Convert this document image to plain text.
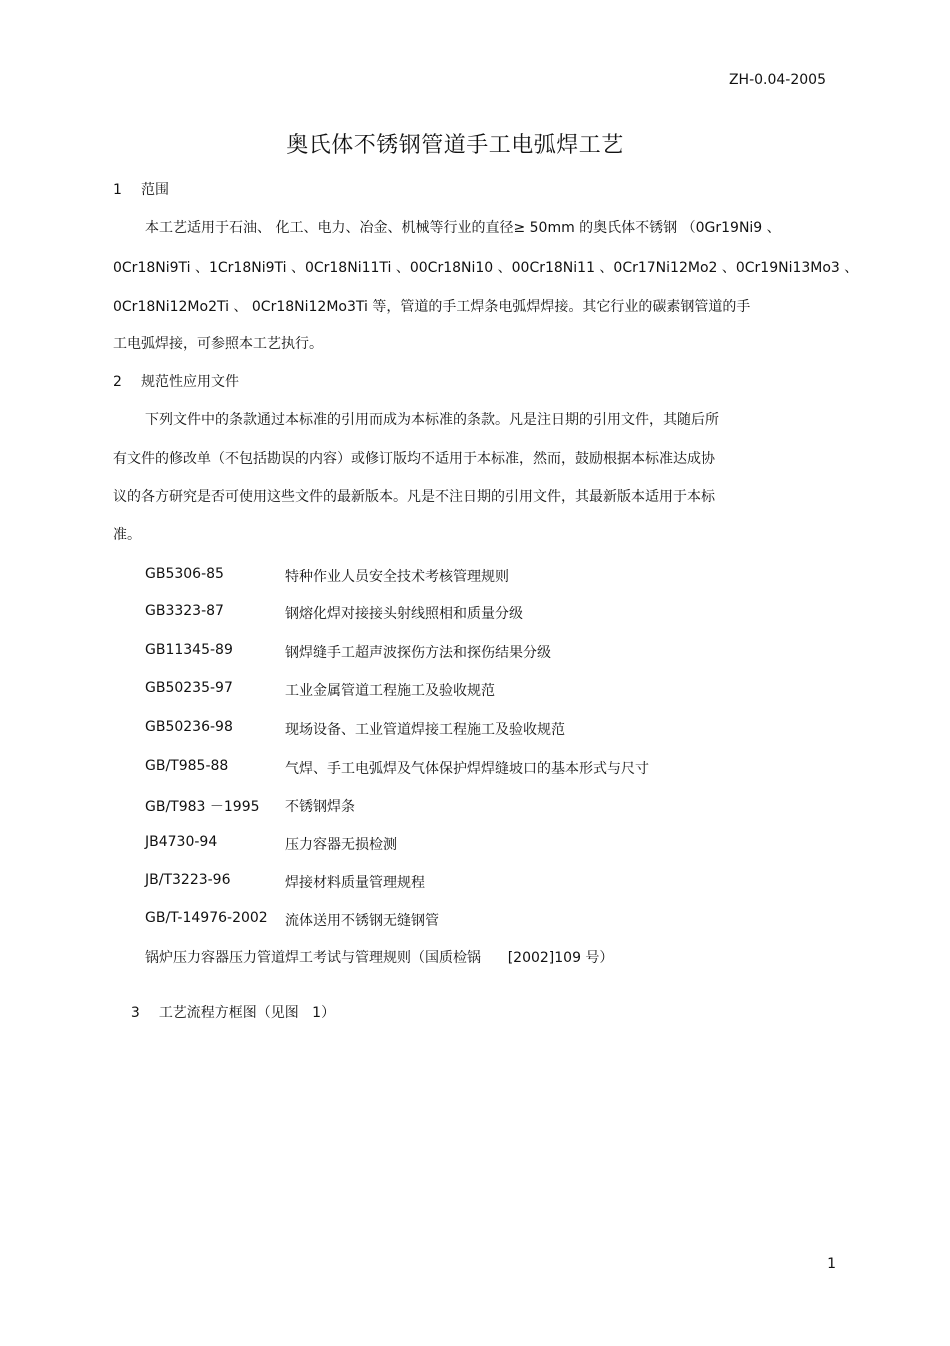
ZH-0.04-2005
奥氏体不锈钢管道手工电弧焊工艺
1 范围
本工艺适用于石油、 化工、电力、冶金、机械等行业的直径≥ 50mm 的奥氏体不锈钢 （0Gr19Ni9 、
0Cr18Ni9Ti 、1Cr18Ni9Ti 、0Cr18Ni11Ti 、00Cr18Ni10 、00Cr18Ni11 、0Cr17Ni12Mo2 、0Cr19Ni13Mo3 、
0Cr18Ni12Mo2Ti 、 0Cr18Ni12Mo3Ti 等，管道的手工焊条电弧焊焊接。其它行业的碳素钢管道的手
工电弧焊接，可参照本工艺执行。
2 规范性应用文件
下列文件中的条款通过本标准的引用而成为本标准的条款。凡是注日期的引用文件，其随后所
有文件的修改单（不包括勘误的内容）或修订版均不适用于本标准，然而，鼓励根据本标准达成协
议的各方研究是否可使用这些文件的最新版本。凡是不注日期的引用文件，其最新版本适用于本标
准。
GB5306-85	特种作业人员安全技术考核管理规则
GB3323-87	钢熔化焊对接接头射线照相和质量分级
GB11345-89	钢焊缝手工超声波探伤方法和探伤结果分级
GB50235-97	工业金属管道工程施工及验收规范
GB50236-98	现场设备、工业管道焊接工程施工及验收规范
GB/T985-88	气焊、手工电弧焊及气体保护焊焊缝坡口的基本形式与尺寸
GB/T983 －1995 不锈钢焊条
JB4730-94	压力容器无损检测
JB/T3223-96	焊接材料质量管理规程
GB/T-14976-2002 流体送用不锈钢无缝钢管
锅炉压力容器压力管道焊工考试与管理规则（国质检锅      [2002]109 号）

3 工艺流程方框图（见图   1）

1
